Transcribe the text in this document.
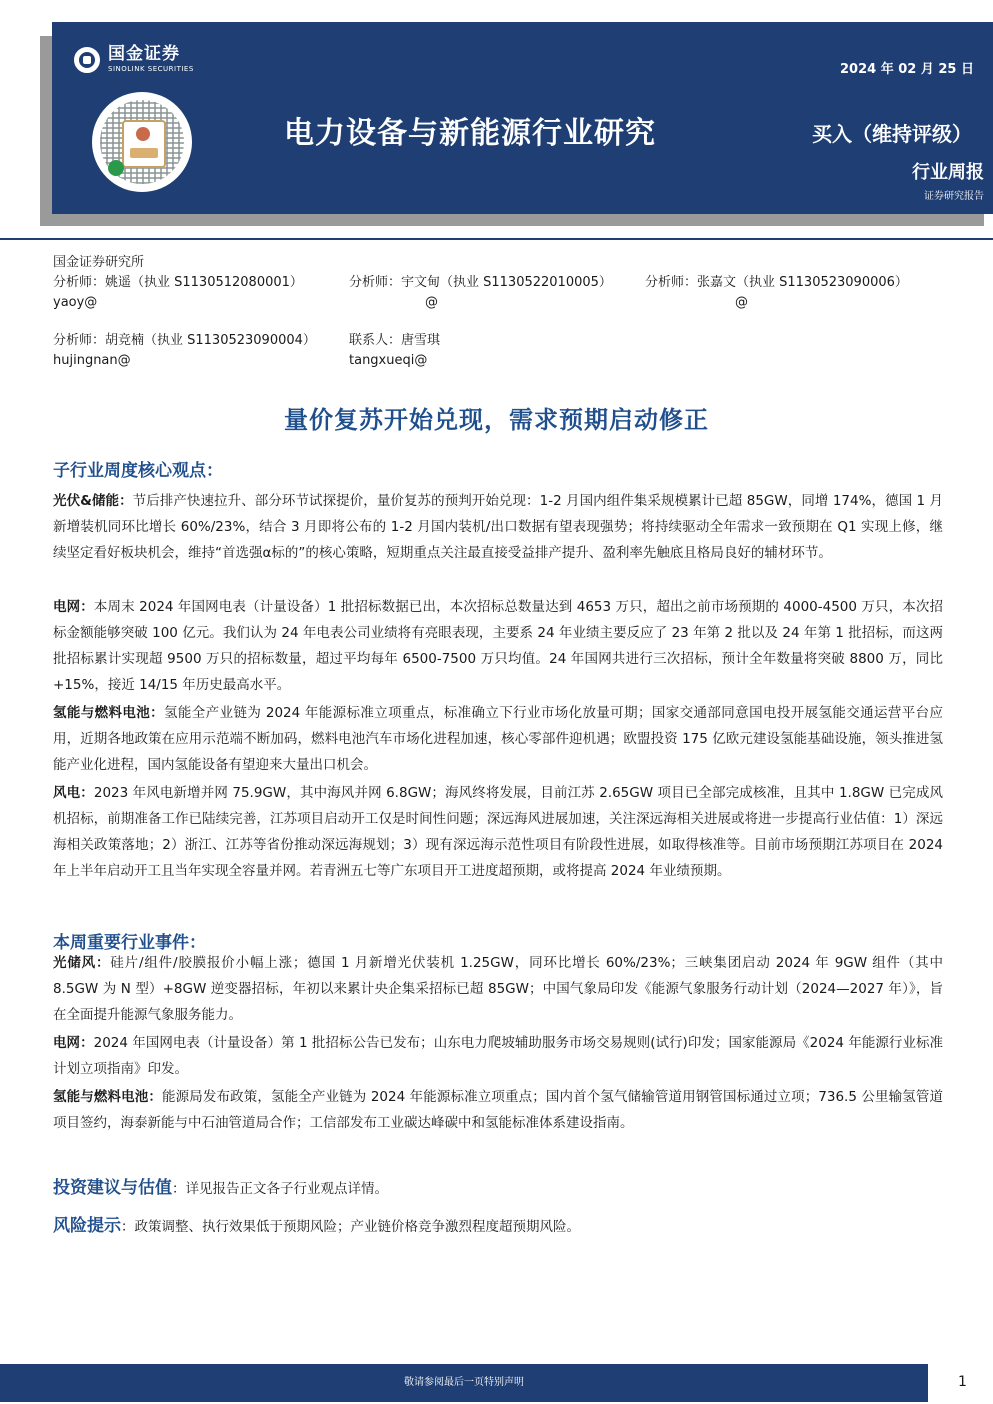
国金证券
SINOLINK SECURITIES	2024 年 02 月 25 日
电力设备与新能源行业研究	买入（维持评级）
行业周报
证券研究报告
国金证券研究所
分析师：姚遥（执业 S1130512080001）
yaoy@
分析师：宇文甸（执业 S1130522010005）
@
分析师：张嘉文（执业 S1130523090006）
@
分析师：胡竞楠（执业 S1130523090004）
hujingnan@
联系人：唐雪琪
tangxueqi@
量价复苏开始兑现，需求预期启动修正
子行业周度核心观点：
光伏&储能：节后排产快速拉升、部分环节试探提价，量价复苏的预判开始兑现：1-2 月国内组件集采规模累计已超 85GW，同增 174%，德国 1 月新增装机同环比增长 60%/23%，结合 3 月即将公布的 1-2 月国内装机/出口数据有望表现强势；将持续驱动全年需求一致预期在 Q1 实现上修，继续坚定看好板块机会，维持“首选强α标的”的核心策略，短期重点关注最直接受益排产提升、盈利率先触底且格局良好的辅材环节。
电网：本周末 2024 年国网电表（计量设备）1 批招标数据已出，本次招标总数量达到 4653 万只，超出之前市场预期的 4000-4500 万只，本次招标金额能够突破 100 亿元。我们认为 24 年电表公司业绩将有亮眼表现，主要系 24 年业绩主要反应了 23 年第 2 批以及 24 年第 1 批招标，而这两批招标累计实现超 9500 万只的招标数量，超过平均每年 6500-7500 万只均值。24 年国网共进行三次招标，预计全年数量将突破 8800 万，同比+15%，接近 14/15 年历史最高水平。
氢能与燃料电池：氢能全产业链为 2024 年能源标准立项重点，标准确立下行业市场化放量可期；国家交通部同意国电投开展氢能交通运营平台应用，近期各地政策在应用示范端不断加码，燃料电池汽车市场化进程加速，核心零部件迎机遇；欧盟投资 175 亿欧元建设氢能基础设施，领头推进氢能产业化进程，国内氢能设备有望迎来大量出口机会。
风电：2023 年风电新增并网 75.9GW，其中海风并网 6.8GW；海风终将发展，目前江苏 2.65GW 项目已全部完成核准，且其中 1.8GW 已完成风机招标，前期准备工作已陆续完善，江苏项目启动开工仅是时间性问题；深远海风进展加速，关注深远海相关进展或将进一步提高行业估值：1）深远海相关政策落地；2）浙江、江苏等省份推动深远海规划；3）现有深远海示范性项目有阶段性进展，如取得核准等。目前市场预期江苏项目在 2024 年上半年启动开工且当年实现全容量并网。若青洲五七等广东项目开工进度超预期，或将提高 2024 年业绩预期。
本周重要行业事件：
光储风：硅片/组件/胶膜报价小幅上涨；德国 1 月新增光伏装机 1.25GW，同环比增长 60%/23%；三峡集团启动 2024 年 9GW 组件（其中 8.5GW 为 N 型）+8GW 逆变器招标，年初以来累计央企集采招标已超 85GW；中国气象局印发《能源气象服务行动计划（2024—2027 年）》，旨在全面提升能源气象服务能力。
电网：2024 年国网电表（计量设备）第 1 批招标公告已发布；山东电力爬坡辅助服务市场交易规则(试行)印发；国家能源局《2024 年能源行业标准计划立项指南》印发。
氢能与燃料电池：能源局发布政策，氢能全产业链为 2024 年能源标准立项重点；国内首个氢气储输管道用钢管国标通过立项；736.5 公里输氢管道项目签约，海泰新能与中石油管道局合作；工信部发布工业碳达峰碳中和氢能标准体系建设指南。
投资建议与估值：详见报告正文各子行业观点详情。
风险提示：政策调整、执行效果低于预期风险；产业链价格竞争激烈程度超预期风险。
敬请参阅最后一页特别声明	1
